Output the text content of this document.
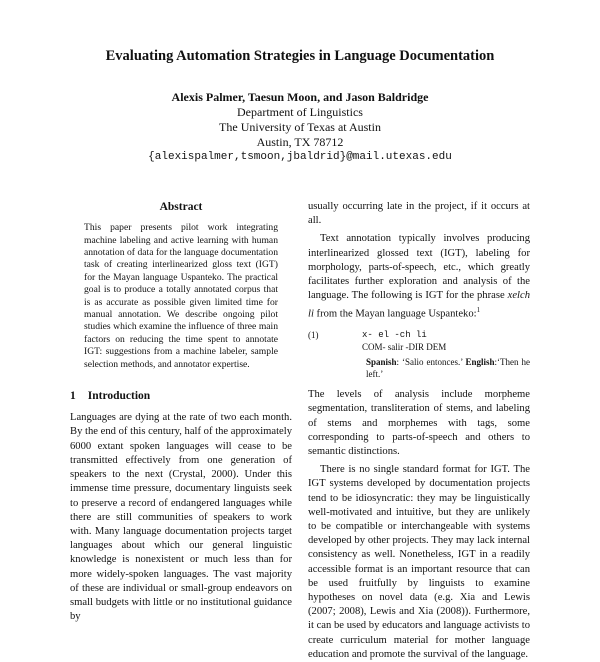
Evaluating Automation Strategies in Language Documentation
Alexis Palmer, Taesun Moon, and Jason Baldridge
Department of Linguistics
The University of Texas at Austin
Austin, TX 78712
{alexispalmer,tsmoon,jbaldrid}@mail.utexas.edu
Abstract

This paper presents pilot work integrating machine labeling and active learning with human annotation of data for the language documentation task of creating interlinearized gloss text (IGT) for the Mayan language Uspanteko. The practical goal is to produce a totally annotated corpus that is as accurate as possible given limited time for manual annotation. We describe ongoing pilot studies which examine the influence of three main factors on reducing the time spent to annotate IGT: suggestions from a machine labeler, sample selection methods, and annotator expertise.

1 Introduction

Languages are dying at the rate of two each month. By the end of this century, half of the approximately 6000 extant spoken languages will cease to be transmitted effectively from one generation of speakers to the next (Crystal, 2000). Under this immense time pressure, documentary linguists seek to preserve a record of endangered languages while there are still communities of speakers to work with. Many language documentation projects target languages about which our general linguistic knowledge is nonexistent or much less than for more widely-spoken languages. The vast majority of these are individual or small-group endeavors on small budgets with little or no institutional guidance by

usually occurring late in the project, if it occurs at all.

Text annotation typically involves producing interlinearized glossed text (IGT), labeling for morphology, parts-of-speech, etc., which greatly facilitates further exploration and analysis of the language. The following is IGT for the phrase xelch li from the Mayan language Uspanteko:$^1$

(1)	x- el -ch li
COM- salir -DIR DEM
Spanish: ‘Salio entonces.’ English:‘Then he left.’

The levels of analysis include morpheme segmentation, transliteration of stems, and labeling of stems and morphemes with tags, some corresponding to parts-of-speech and others to semantic distinctions.

There is no single standard format for IGT. The IGT systems developed by documentation projects tend to be idiosyncratic: they may be linguistically well-motivated and intuitive, but they are unlikely to be compatible or interchangeable with systems developed by other projects. They may lack internal consistency as well. Nonetheless, IGT in a readily accessible format is an important resource that can be used fruitfully by linguists to examine hypotheses on novel data (e.g. Xia and Lewis (2007; 2008), Lewis and Xia (2008)). Furthermore, it can be used by educators and language activists to create curriculum material for mother language education and promote the survival of the language.
